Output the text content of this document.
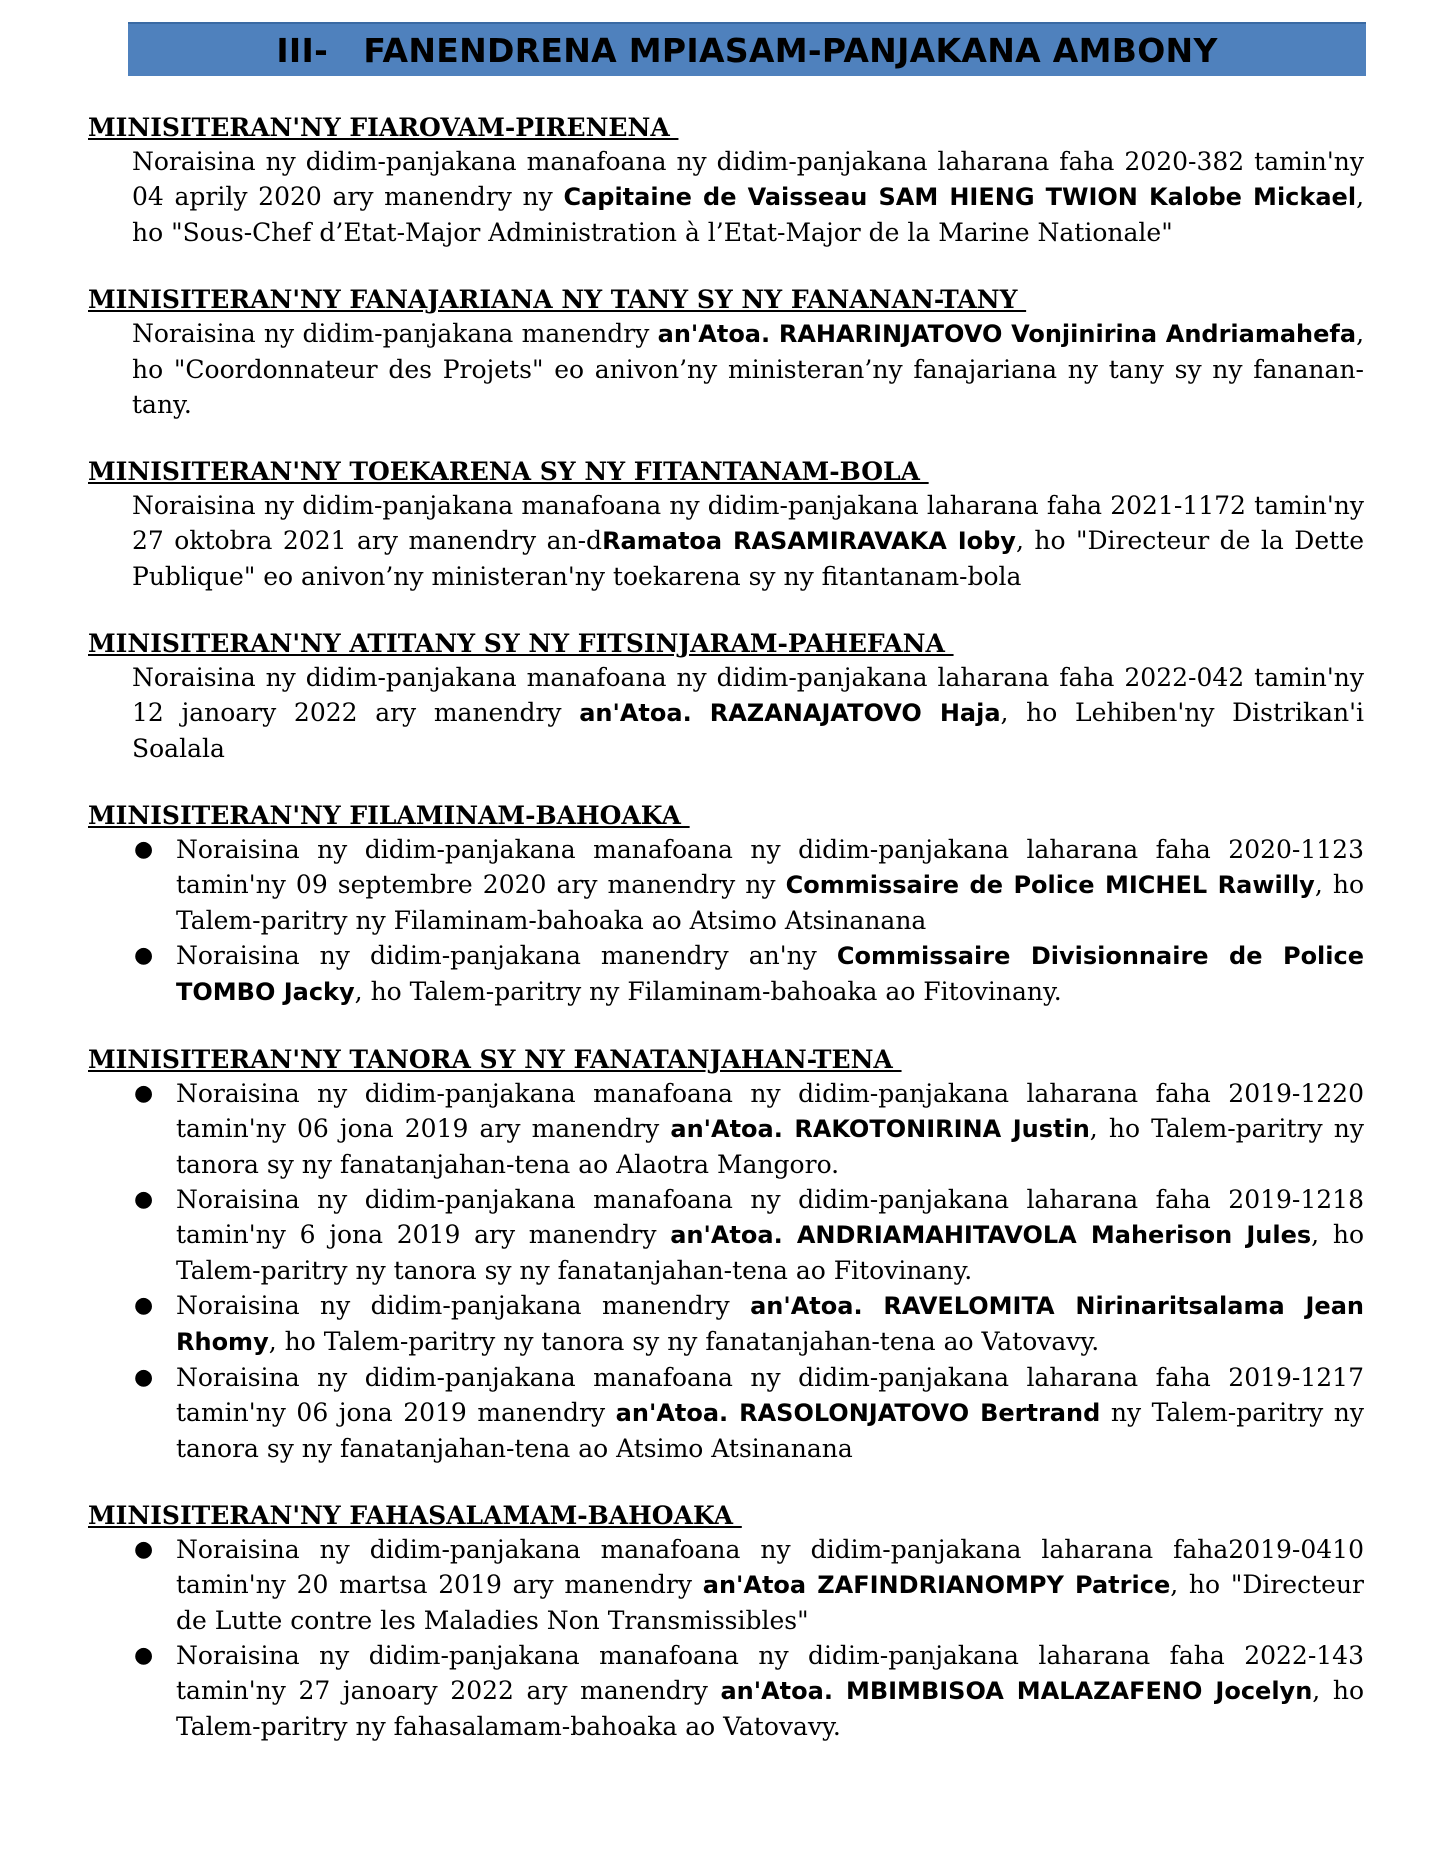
III-   FANENDRENA MPIASAM-PANJAKANA AMBONY
MINISITERAN'NY FIAROVAM-PIRENENA
Noraisina ny didim-panjakana manafoana ny didim-panjakana laharana faha 2020-382 tamin'ny 04 aprily 2020 ary manendry ny Capitaine de Vaisseau SAM HIENG TWION Kalobe Mickael, ho "Sous-Chef d’Etat-Major Administration à l’Etat-Major de la Marine Nationale"
MINISITERAN'NY FANAJARIANA NY TANY SY NY FANANAN-TANY
Noraisina ny didim-panjakana manendry an'Atoa. RAHARINJATOVO Vonjinirina Andriamahefa, ho "Coordonnateur des Projets" eo anivon’ny ministeran’ny fanajariana ny tany sy ny fananan-tany.
MINISITERAN'NY TOEKARENA SY NY FITANTANAM-BOLA
Noraisina ny didim-panjakana manafoana ny didim-panjakana laharana faha 2021-1172 tamin'ny 27 oktobra 2021 ary manendry an-dRamatoa RASAMIRAVAKA Ioby, ho "Directeur de la Dette Publique" eo anivon’ny ministeran'ny toekarena sy ny fitantanam-bola
MINISITERAN'NY ATITANY SY NY FITSINJARAM-PAHEFANA
Noraisina ny didim-panjakana manafoana ny didim-panjakana laharana faha 2022-042 tamin'ny 12 janoary 2022 ary manendry an'Atoa. RAZANAJATOVO Haja, ho Lehiben'ny Distrikan'i Soalala
MINISITERAN'NY FILAMINAM-BAHOAKA
● Noraisina ny didim-panjakana manafoana ny didim-panjakana laharana faha 2020-1123 tamin'ny 09 septembre 2020 ary manendry ny Commissaire de Police MICHEL Rawilly, ho Talem-paritry ny Filaminam-bahoaka ao Atsimo Atsinanana
● Noraisina ny didim-panjakana manendry an'ny Commissaire Divisionnaire de Police TOMBO Jacky, ho Talem-paritry ny Filaminam-bahoaka ao Fitovinany.
MINISITERAN'NY TANORA SY NY FANATANJAHAN-TENA
● Noraisina ny didim-panjakana manafoana ny didim-panjakana laharana faha 2019-1220 tamin'ny 06 jona 2019 ary manendry an'Atoa. RAKOTONIRINA Justin, ho Talem-paritry ny tanora sy ny fanatanjahan-tena ao Alaotra Mangoro.
● Noraisina ny didim-panjakana manafoana ny didim-panjakana laharana faha 2019-1218 tamin'ny 6 jona 2019 ary manendry an'Atoa. ANDRIAMAHITAVOLA Maherison Jules, ho Talem-paritry ny tanora sy ny fanatanjahan-tena ao Fitovinany.
● Noraisina ny didim-panjakana manendry an'Atoa. RAVELOMITA Nirinaritsalama Jean Rhomy, ho Talem-paritry ny tanora sy ny fanatanjahan-tena ao Vatovavy.
● Noraisina ny didim-panjakana manafoana ny didim-panjakana laharana faha 2019-1217 tamin'ny 06 jona 2019 manendry an'Atoa. RASOLONJATOVO Bertrand ny Talem-paritry ny tanora sy ny fanatanjahan-tena ao Atsimo Atsinanana
MINISITERAN'NY FAHASALAMAM-BAHOAKA
● Noraisina ny didim-panjakana manafoana ny didim-panjakana laharana faha2019-0410 tamin'ny 20 martsa 2019 ary manendry an'Atoa ZAFINDRIANOMPY Patrice, ho "Directeur de Lutte contre les Maladies Non Transmissibles"
● Noraisina ny didim-panjakana manafoana ny didim-panjakana laharana faha 2022-143 tamin'ny 27 janoary 2022 ary manendry an'Atoa. MBIMBISOA MALAZAFENO Jocelyn, ho Talem-paritry ny fahasalamam-bahoaka ao Vatovavy.
